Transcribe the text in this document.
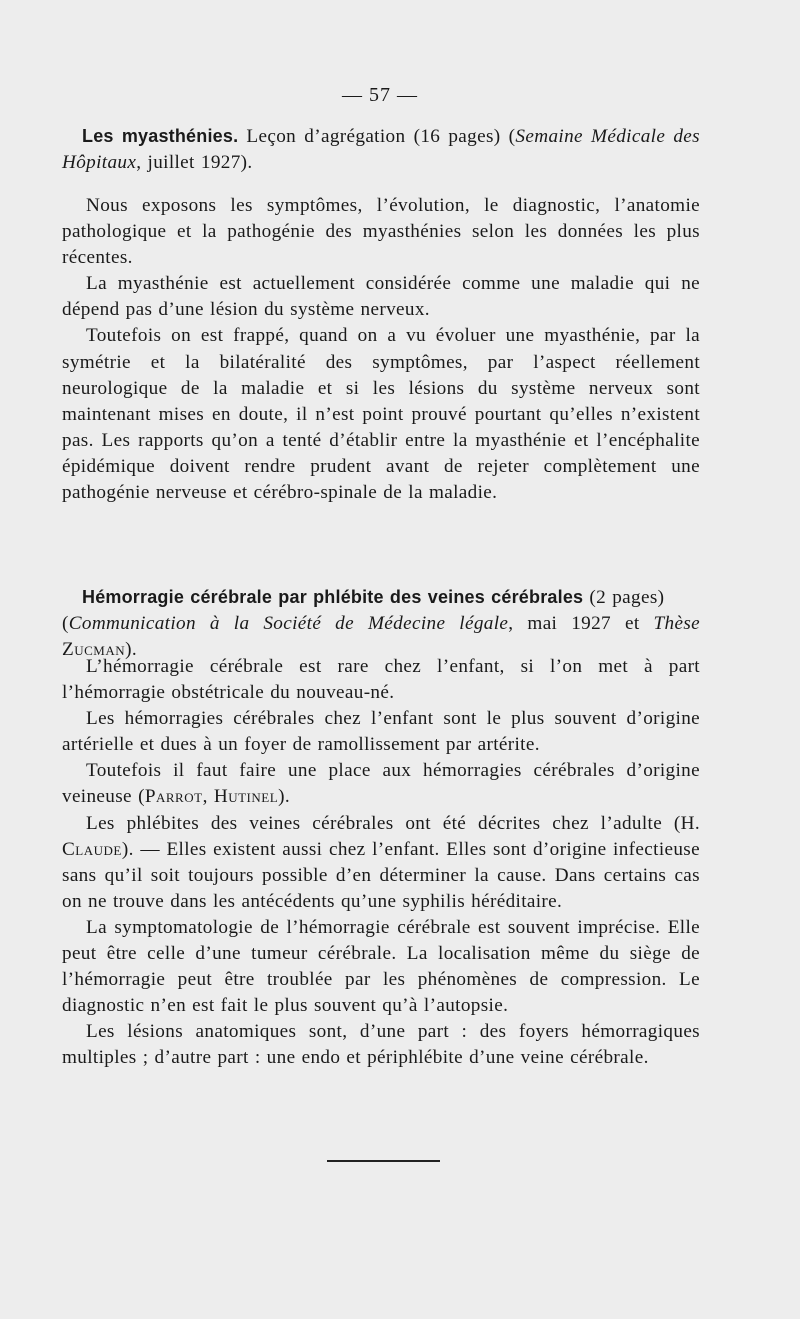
— 57 —
Les myasthénies. Leçon d’agrégation (16 pages) (Semaine Médicale des Hôpitaux, juillet 1927).

Nous exposons les symptômes, l’évolution, le diagnostic, l’anatomie pathologique et la pathogénie des myasthénies selon les données les plus récentes.

La myasthénie est actuellement considérée comme une maladie qui ne dépend pas d’une lésion du système nerveux.

Toutefois on est frappé, quand on a vu évoluer une myasthénie, par la symétrie et la bilatéralité des symptômes, par l’aspect réellement neurologique de la maladie et si les lésions du système nerveux sont maintenant mises en doute, il n’est point prouvé pourtant qu’elles n’existent pas. Les rapports qu’on a tenté d’établir entre la myasthénie et l’encéphalite épidémique doivent rendre prudent avant de rejeter complètement une pathogénie nerveuse et cérébro-spinale de la maladie.

Hémorragie cérébrale par phlébite des veines cérébrales (2 pages)
(Communication à la Société de Médecine légale, mai 1927 et Thèse Zucman).

L’hémorragie cérébrale est rare chez l’enfant, si l’on met à part l’hémorragie obstétricale du nouveau-né.

Les hémorragies cérébrales chez l’enfant sont le plus souvent d’origine artérielle et dues à un foyer de ramollissement par artérite.

Toutefois il faut faire une place aux hémorragies cérébrales d’origine veineuse (Parrot, Hutinel).

Les phlébites des veines cérébrales ont été décrites chez l’adulte (H. Claude). — Elles existent aussi chez l’enfant. Elles sont d’origine infectieuse sans qu’il soit toujours possible d’en déterminer la cause. Dans certains cas on ne trouve dans les antécédents qu’une syphilis héréditaire.

La symptomatologie de l’hémorragie cérébrale est souvent imprécise. Elle peut être celle d’une tumeur cérébrale. La localisation même du siège de l’hémorragie peut être troublée par les phénomènes de compression. Le diagnostic n’en est fait le plus souvent qu’à l’autopsie.

Les lésions anatomiques sont, d’une part : des foyers hémorragiques multiples ; d’autre part : une endo et périphlébite d’une veine cérébrale.
